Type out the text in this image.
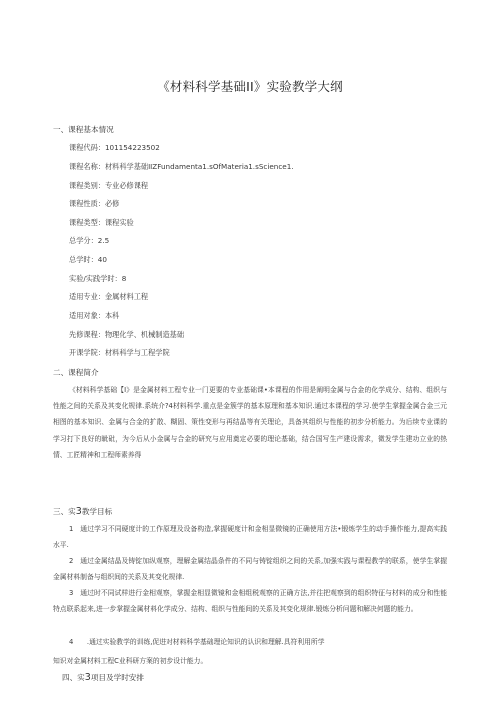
《材料科学基础II》实验教学大纲
一、课程基本情况
课程代码：101154223502
课程名称：材料科学基础IIZFundamenta1.sOfMateria1.sScience1.
课程类别：专业必修课程
课程性质：必修
课程类型：课程实验
总学分：2.5
总学时：40
实验/实践学时：8
适用专业：金属材料工程
适用对象：本科
先修课程：物理化学、机械制造基础
开课学院：材料科学与工程学院
二、课程简介
《材料科学基础【I》是金属材料工程专业一门更要的专业基础课•本课程的作用是阐明金属与合金的化学成分、结构、组织与性能之间的关系及其变化规律.系统介?4材料科学.重点是金簇学的基本原理和基本知识.通过本课程的学习.使学生掌握金属合金三元相图的基本知识、金属与合金的扩散、糊固、策性变形与再结晶等有关理论，具备其组织与性能的初步分析能力。为后续专业课的学习打下良好的眦砒，为今后从小金属与合金的研究与应用奠定必要的理论基础，结合国写生产建设需求，微发学生建功立业的热情、工匠精神和工程师素养得
三、实3教学目标
1　通过学习不同硬度计的工作原理及设备构造,掌握硬度计和金相显微镜的正确使用方法•锻炼学生的动手操作能力,提高实践水平.
2　通过金属结晶及铸锭加纵观察，理解金属结晶条件的不同与铸锭组织之间的关系,加强实践与课程教学的联系，使学生掌握金属材料制备与组织间的关系及其变化规律.
3　通过时不同试样进行金相观察，掌握金相显微镜和金相组税观察的正确方法,并往把观察到的组织特征与材料的成分和性能特点联系起来,进一步掌握金属材料化学成分、结构、组织与性能间的关系及其变化规律.锻炼分析问题和解决何题的能力。
4　　.通过实验教学的训练,促进对材料科学基础理论知识的认识和理解.具符利用所学
知识对金属材料工程C业科研方案的初步设计能力。
四、实3项目及学时安排
